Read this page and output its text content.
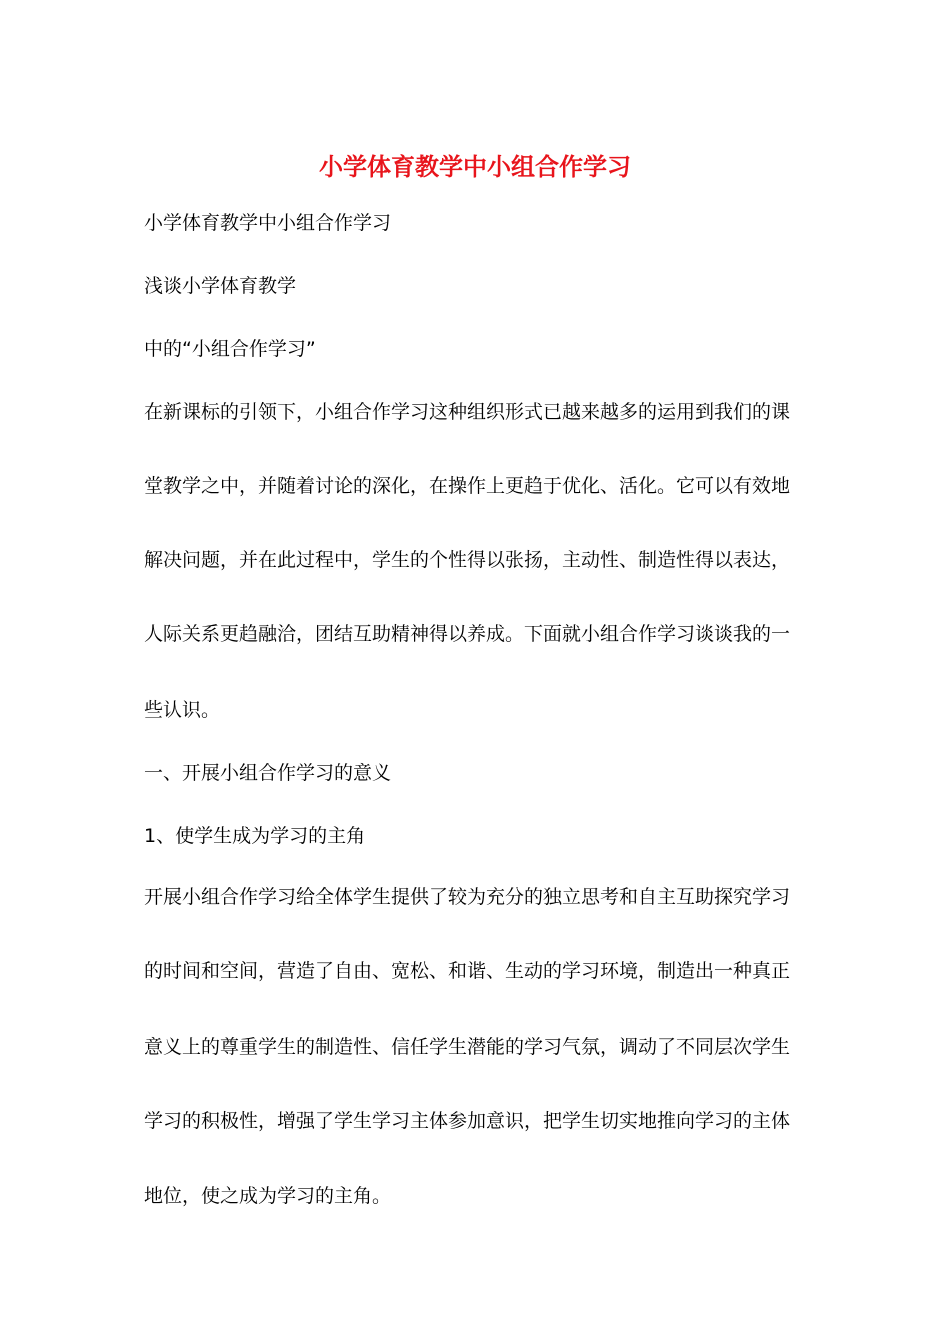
小学体育教学中小组合作学习

小学体育教学中小组合作学习

浅谈小学体育教学

中的“小组合作学习”

在新课标的引领下，小组合作学习这种组织形式已越来越多的运用到我们的课

堂教学之中，并随着讨论的深化，在操作上更趋于优化、活化。它可以有效地

解决问题，并在此过程中，学生的个性得以张扬，主动性、制造性得以表达，

人际关系更趋融洽，团结互助精神得以养成。下面就小组合作学习谈谈我的一

些认识。

一、开展小组合作学习的意义

1、使学生成为学习的主角

开展小组合作学习给全体学生提供了较为充分的独立思考和自主互助探究学习

的时间和空间，营造了自由、宽松、和谐、生动的学习环境，制造出一种真正

意义上的尊重学生的制造性、信任学生潜能的学习气氛，调动了不同层次学生

学习的积极性，增强了学生学习主体参加意识，把学生切实地推向学习的主体

地位，使之成为学习的主角。
